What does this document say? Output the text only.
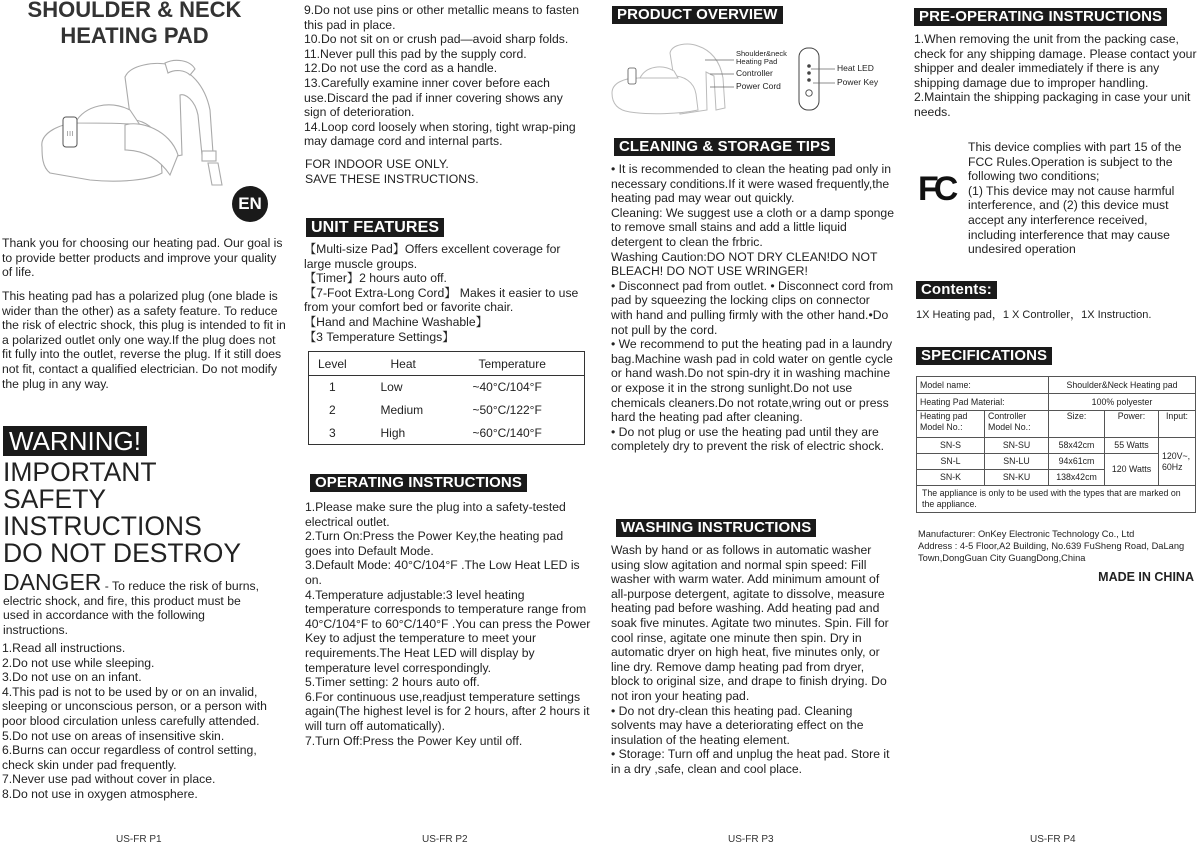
SHOULDER & NECK
HEATING PAD
| | |
EN
Thank you for choosing our heating pad. Our goal is to provide better products and improve your quality of life.
This heating pad has a polarized plug (one blade is wider than the other) as a safety feature. To reduce the risk of electric shock, this plug is intended to fit in a polarized outlet only one way.If the plug does not fit fully into the outlet, reverse the plug. If it still does not fit, contact a qualified electrician. Do not modify the plug in any way.
WARNING!
IMPORTANT
SAFETY
INSTRUCTIONS
DO NOT DESTROY
DANGER - To reduce the risk of burns, electric shock, and fire, this product must be used in accordance with the following instructions.
1.Read all instructions.
2.Do not use while sleeping.
3.Do not use on an infant.
4.This pad is not to be used by or on an invalid, sleeping or unconscious person, or a person with poor blood circulation unless carefully attended.
5.Do not use on areas of insensitive skin.
6.Burns can occur regardless of control setting, check skin under pad frequently.
7.Never use pad without cover in place.
8.Do not use in oxygen atmosphere.
US-FR P1
9.Do not use pins or other metallic means to fasten this pad in place.
10.Do not sit on or crush pad—avoid sharp folds.
11.Never pull this pad by the supply cord.
12.Do not use the cord as a handle.
13.Carefully examine inner cover before each use.Discard the pad if inner covering shows any sign of deterioration.
14.Loop cord loosely when storing, tight wrap-ping may damage cord and internal parts.
FOR INDOOR USE ONLY.
SAVE THESE INSTRUCTIONS.
UNIT FEATURES
【Multi-size Pad】Offers excellent coverage for large muscle groups.
【Timer】2 hours auto off.
【7-Foot Extra-Long Cord】 Makes it easier to use from your comfort bed or favorite chair.
【Hand and Machine Washable】
【3 Temperature Settings】
Level	Heat	Temperature
1	Low	~40°C/104°F
2	Medium	~50°C/122°F
3	High	~60°C/140°F
OPERATING INSTRUCTIONS
1.Please make sure the plug into a safety-tested electrical outlet.
2.Turn On:Press the Power Key,the heating pad goes into Default Mode.
3.Default Mode: 40°C/104°F .The Low Heat LED is on.
4.Temperature adjustable:3 level heating temperature corresponds to temperature range from 40°C/104°F to 60°C/140°F .You can press the Power Key to adjust the temperature to meet your requirements.The Heat LED will display by temperature level correspondingly.
5.Timer setting: 2 hours auto off.
6.For continuous use,readjust temperature settings again(The highest level is for 2 hours, after 2 hours it will turn off automatically).
7.Turn Off:Press the Power Key until off.
US-FR P2
PRODUCT OVERVIEW
Shoulder&neck
Heating Pad
Controller
Power Cord
Heat LED
Power Key
CLEANING & STORAGE TIPS
• It is recommended to clean the heating pad only in necessary conditions.If it were wased frequently,the heating pad may wear out quickly.
Cleaning: We suggest use a cloth or a damp sponge to remove small stains and add a little liquid detergent to clean the frbric.
Washing Caution:DO NOT DRY CLEAN!DO NOT BLEACH! DO NOT USE WRINGER!
• Disconnect pad from outlet. • Disconnect cord from pad by squeezing the locking clips on connector with hand and pulling firmly with the other hand.•Do not pull by the cord.
• We recommend to put the heating pad in a laundry bag.Machine wash pad in cold water on gentle cycle or hand wash.Do not spin-dry it in washing machine or expose it in the strong sunlight.Do not use chemicals cleaners.Do not rotate,wring out or press hard the heating pad after cleaning.
• Do not plug or use the heating pad until they are completely dry to prevent the risk of electric shock.
WASHING INSTRUCTIONS
Wash by hand or as follows in automatic washer using slow agitation and normal spin speed: Fill washer with warm water. Add minimum amount of all-purpose detergent, agitate to dissolve, measure heating pad before washing. Add heating pad and soak five minutes. Agitate two minutes. Spin. Fill for cool rinse, agitate one minute then spin. Dry in automatic dryer on high heat, five minutes only, or line dry. Remove damp heating pad from dryer, block to original size, and drape to finish drying. Do not iron your heating pad.
• Do not dry-clean this heating pad. Cleaning solvents may have a deteriorating effect on the insulation of the heating element.
• Storage: Turn off and unplug the heat pad. Store it in a dry ,safe, clean and cool place.
US-FR P3
PRE-OPERATING INSTRUCTIONS
1.When removing the unit from the packing case, check for any shipping damage. Please contact your shipper and dealer immediately if there is any shipping damage due to improper handling.
2.Maintain the shipping packaging in case your unit needs.
FC
This device complies with part 15 of the FCC Rules.Operation is subject to the following two conditions;
(1) This device may not cause harmful interference, and (2) this device must accept any interference received, including interference that may cause undesired operation
Contents:
1X Heating pad，1 X Controller，1X Instruction.
SPECIFICATIONS
Model name:		Shoulder&Neck Heating pad		
Heating Pad Material:		100% polyester		
Heating pad Model No.:	Controller Model No.:	Size:	Power:	Input:
SN-S	SN-SU	58x42cm	55 Watts	120V~, 60Hz
SN-L	SN-LU	94x61cm	120 Watts	
SN-K	SN-KU	138x42cm		
The appliance is only to be used with the types that are marked on the appliance.				
Manufacturer: OnKey Electronic Technology Co., Ltd
Address : 4-5 Floor,A2 Building, No.639 FuSheng Road, DaLang Town,DongGuan City GuangDong,China
MADE IN CHINA
US-FR P4
